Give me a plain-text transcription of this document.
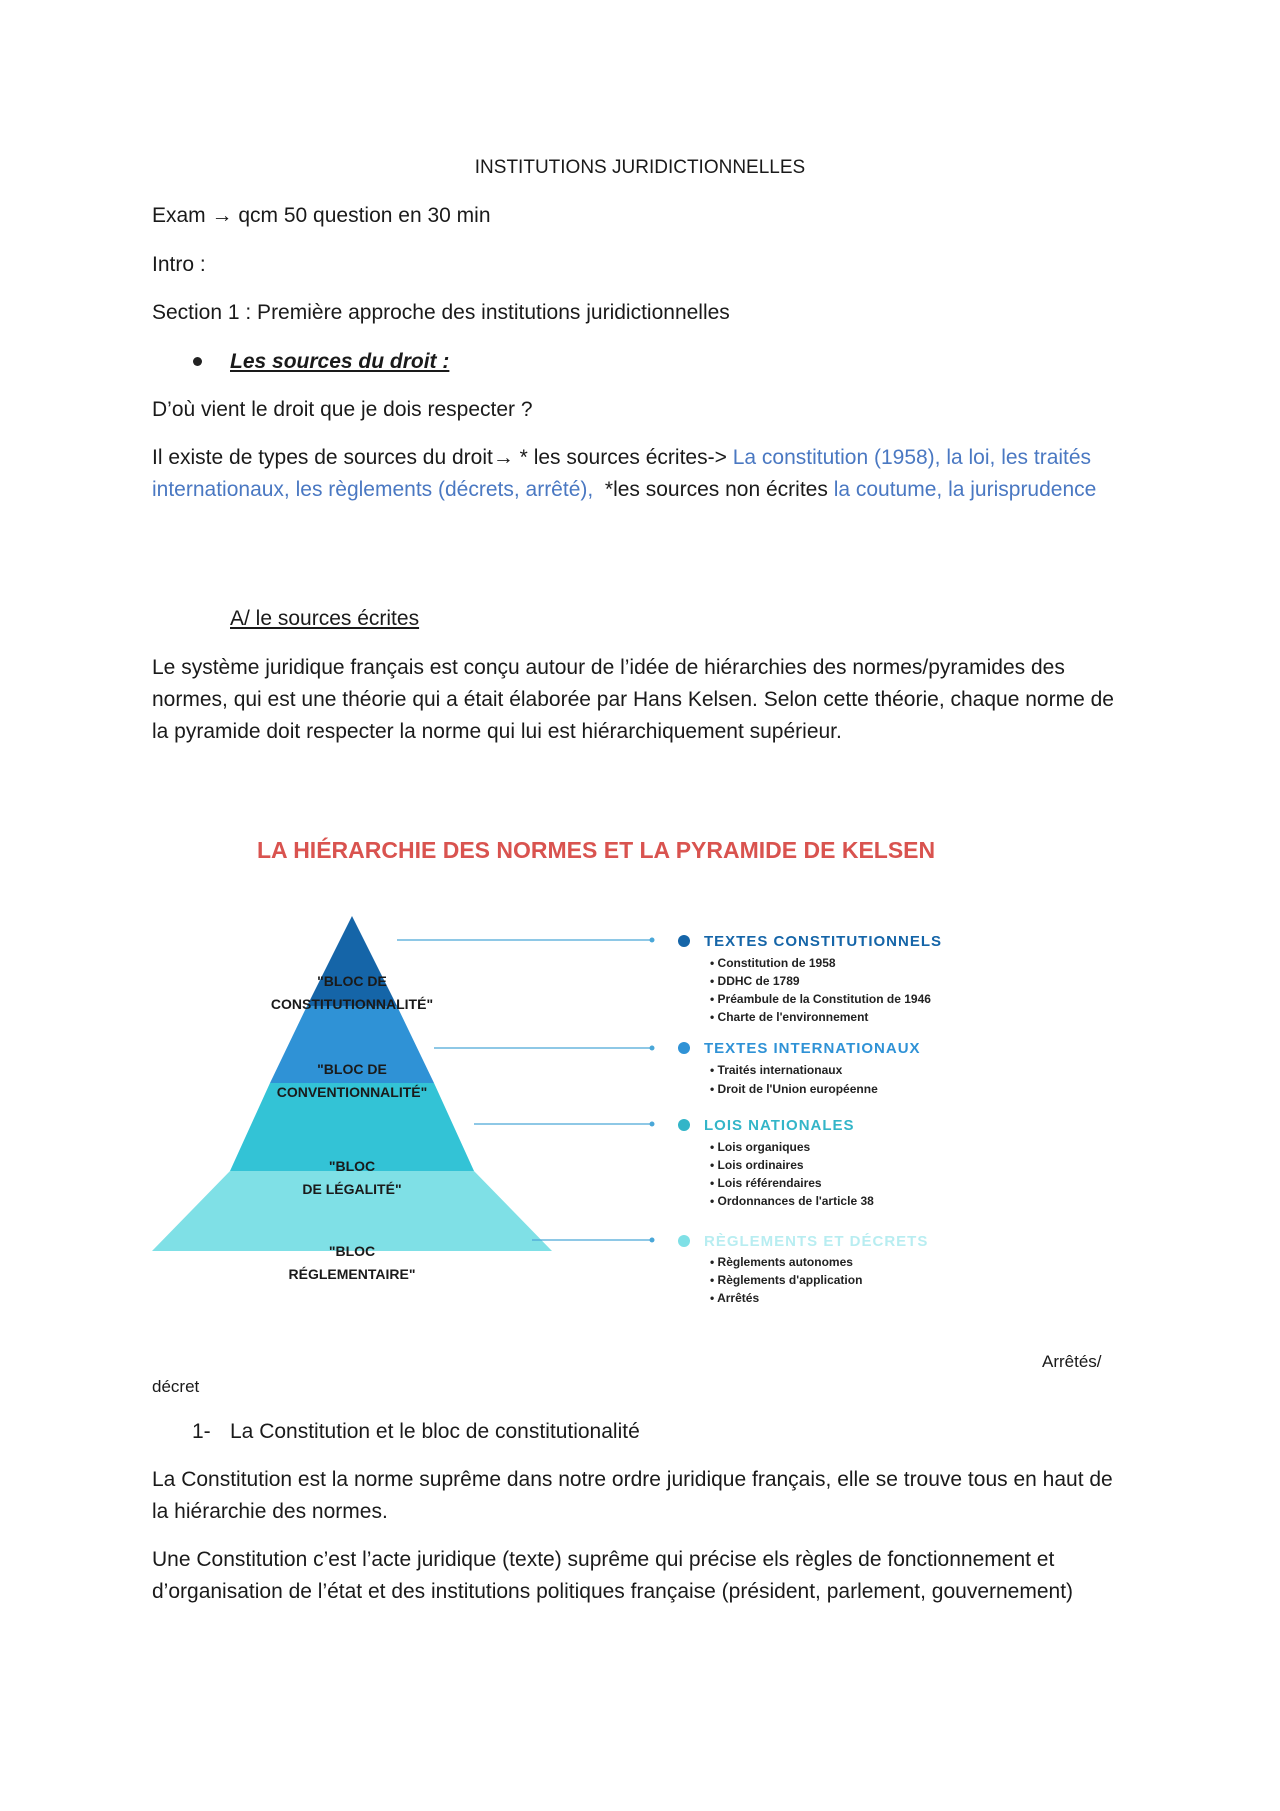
INSTITUTIONS JURIDICTIONNELLES

Exam → qcm 50 question en 30 min

Intro :

Section 1 : Première approche des institutions juridictionnelles

Les sources du droit :

D’où vient le droit que je dois respecter ?

Il existe de types de sources du droit→ * les sources écrites-> La constitution (1958), la loi, les traités internationaux, les règlements (décrets, arrêté), *les sources non écrites la coutume, la jurisprudence

A/ le sources écrites

Le système juridique français est conçu autour de l’idée de hiérarchies des normes/pyramides des normes, qui est une théorie qui a était élaborée par Hans Kelsen. Selon cette théorie, chaque norme de la pyramide doit respecter la norme qui lui est hiérarchiquement supérieur.

LA HIÉRARCHIE DES NORMES ET LA PYRAMIDE DE KELSEN
"BLOC DE
CONSTITUTIONNALITÉ"
"BLOC DE
CONVENTIONNALITÉ"
"BLOC
DE LÉGALITÉ"
"BLOC
RÉGLEMENTAIRE"
TEXTES CONSTITUTIONNELS
• Constitution de 1958
• DDHC de 1789
• Préambule de la Constitution de 1946
• Charte de l'environnement
TEXTES INTERNATIONAUX
• Traités internationaux
• Droit de l'Union européenne
LOIS NATIONALES
• Lois organiques
• Lois ordinaires
• Lois référendaires
• Ordonnances de l'article 38
RÈGLEMENTS ET DÉCRETS
• Règlements autonomes
• Règlements d'application
• Arrêtés

Arrêtés/

décret

1- La Constitution et le bloc de constitutionalité

La Constitution est la norme suprême dans notre ordre juridique français, elle se trouve tous en haut de la hiérarchie des normes.

Une Constitution c’est l’acte juridique (texte) suprême qui précise els règles de fonctionnement et d’organisation de l’état et des institutions politiques française (président, parlement, gouvernement)
